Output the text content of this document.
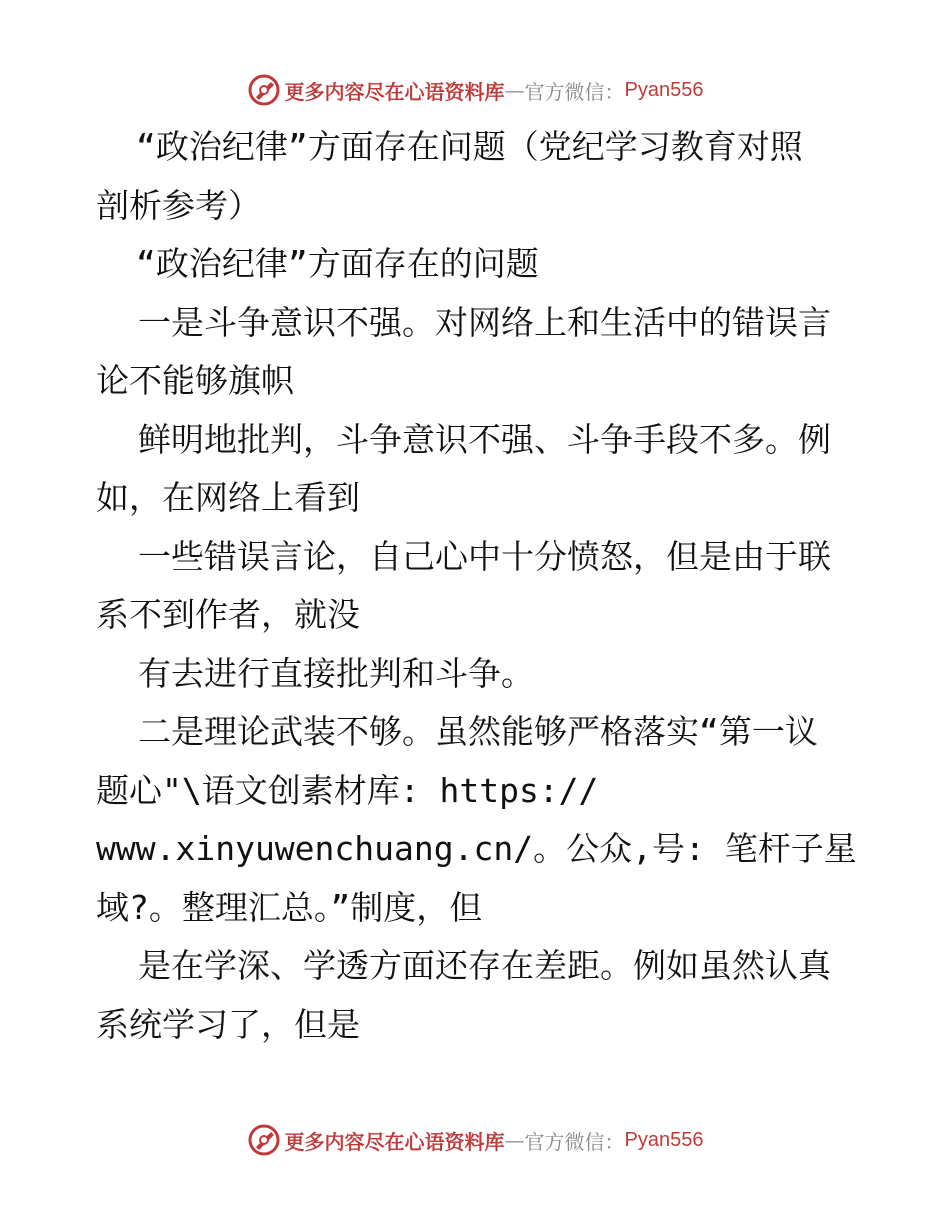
更多内容尽在心语资料库 — 官方微信： Pyan556
“政治纪律”方面存在问题（党纪学习教育对照
剖析参考）
“政治纪律”方面存在的问题
一是斗争意识不强。对网络上和生活中的错误言
论不能够旗帜
鲜明地批判，斗争意识不强、斗争手段不多。例
如，在网络上看到
一些错误言论，自己心中十分愤怒，但是由于联
系不到作者，就没
有去进行直接批判和斗争。
二是理论武装不够。虽然能够严格落实“第一议
题心"\语文创素材库: https://
www.xinyuwenchuang.cn/。公众,号: 笔杆子星
域?。整理汇总。”制度，但
是在学深、学透方面还存在差距。例如虽然认真
系统学习了，但是
更多内容尽在心语资料库 — 官方微信： Pyan556
